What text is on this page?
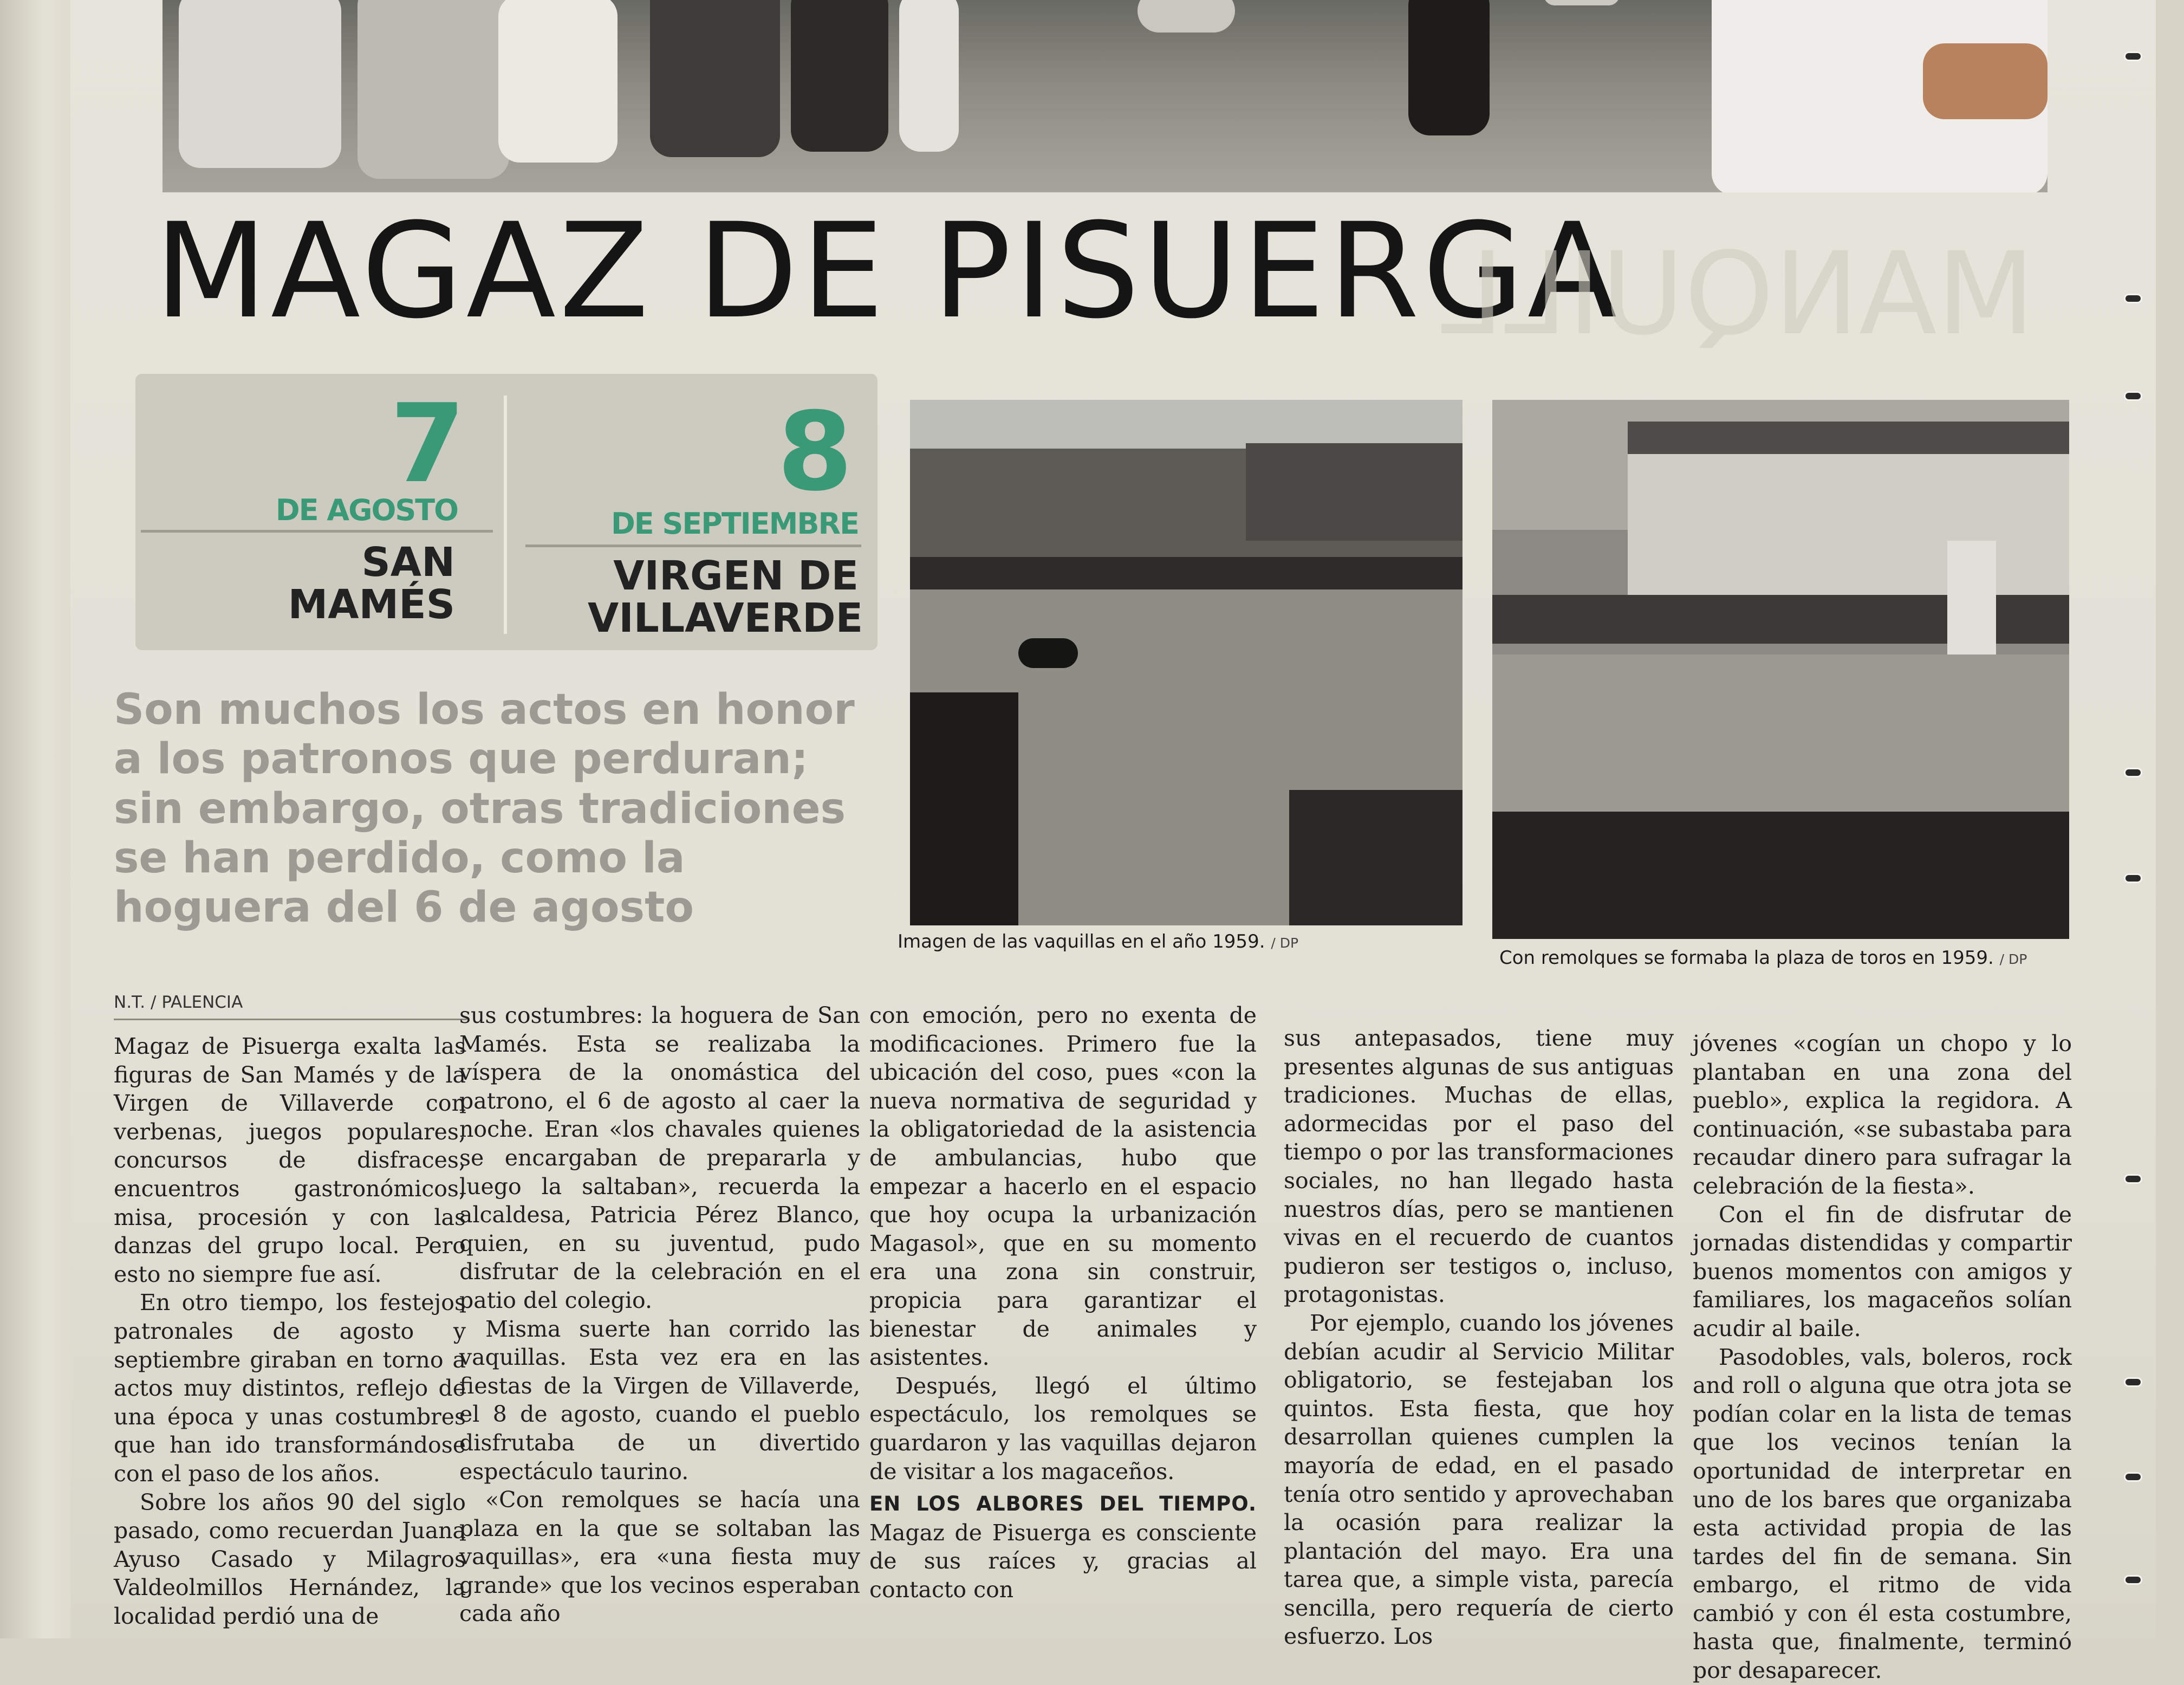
MAGAZ DE PISUERGA
MANQUILL
7
DE AGOSTO
SAN MAMÉS
8
DE SEPTIEMBRE
VIRGEN DE VILLAVERDE

Son muchos los actos en honor a los patronos que perduran; sin embargo, otras tradiciones se han perdido, como la hoguera del 6 de agosto

Imagen de las vaquillas en el año 1959. / DP
Con remolques se formaba la plaza de toros en 1959. / DP
N.T. / PALENCIA

Magaz de Pisuerga exalta las figuras de San Mamés y de la Virgen de Villaverde con verbenas, juegos populares, concursos de disfraces, encuentros gastronómicos, misa, procesión y con las danzas del grupo local. Pero esto no siempre fue así.

En otro tiempo, los festejos patronales de agosto y septiembre giraban en torno a actos muy distintos, reflejo de una época y unas costumbres que han ido transformándose con el paso de los años.

Sobre los años 90 del siglo pasado, como recuerdan Juana Ayuso Casado y Milagros Valdeolmillos Hernández, la localidad perdió una de

sus costumbres: la hoguera de San Mamés. Esta se realizaba la víspera de la onomástica del patrono, el 6 de agosto al caer la noche. Eran «los chavales quienes se encargaban de prepararla y luego la saltaban», recuerda la alcaldesa, Patricia Pérez Blanco, quien, en su juventud, pudo disfrutar de la celebración en el patio del colegio.

Misma suerte han corrido las vaquillas. Esta vez era en las fiestas de la Virgen de Villaverde, el 8 de agosto, cuando el pueblo disfrutaba de un divertido espectáculo taurino.

«Con remolques se hacía una plaza en la que se soltaban las vaquillas», era «una fiesta muy grande» que los vecinos esperaban cada año

con emoción, pero no exenta de modificaciones. Primero fue la ubicación del coso, pues «con la nueva normativa de seguridad y la obligatoriedad de la asistencia de ambulancias, hubo que empezar a hacerlo en el espacio que hoy ocupa la urbanización Magasol», que en su momento era una zona sin construir, propicia para garantizar el bienestar de animales y asistentes.

Después, llegó el último espectáculo, los remolques se guardaron y las vaquillas dejaron de visitar a los magaceños.

EN LOS ALBORES DEL TIEMPO. Magaz de Pisuerga es consciente de sus raíces y, gracias al contacto con

sus antepasados, tiene muy presentes algunas de sus antiguas tradiciones. Muchas de ellas, adormecidas por el paso del tiempo o por las transformaciones sociales, no han llegado hasta nuestros días, pero se mantienen vivas en el recuerdo de cuantos pudieron ser testigos o, incluso, protagonistas.

Por ejemplo, cuando los jóvenes debían acudir al Servicio Militar obligatorio, se festejaban los quintos. Esta fiesta, que hoy desarrollan quienes cumplen la mayoría de edad, en el pasado tenía otro sentido y aprovechaban la ocasión para realizar la plantación del mayo. Era una tarea que, a simple vista, parecía sencilla, pero requería de cierto esfuerzo. Los

jóvenes «cogían un chopo y lo plantaban en una zona del pueblo», explica la regidora. A continuación, «se subastaba para recaudar dinero para sufragar la celebración de la fiesta».

Con el fin de disfrutar de jornadas distendidas y compartir buenos momentos con amigos y familiares, los magaceños solían acudir al baile.

Pasodobles, vals, boleros, rock and roll o alguna que otra jota se podían colar en la lista de temas que los vecinos tenían la oportunidad de interpretar en uno de los bares que organizaba esta actividad propia de las tardes del fin de semana. Sin embargo, el ritmo de vida cambió y con él esta costumbre, hasta que, finalmente, terminó por desaparecer.
